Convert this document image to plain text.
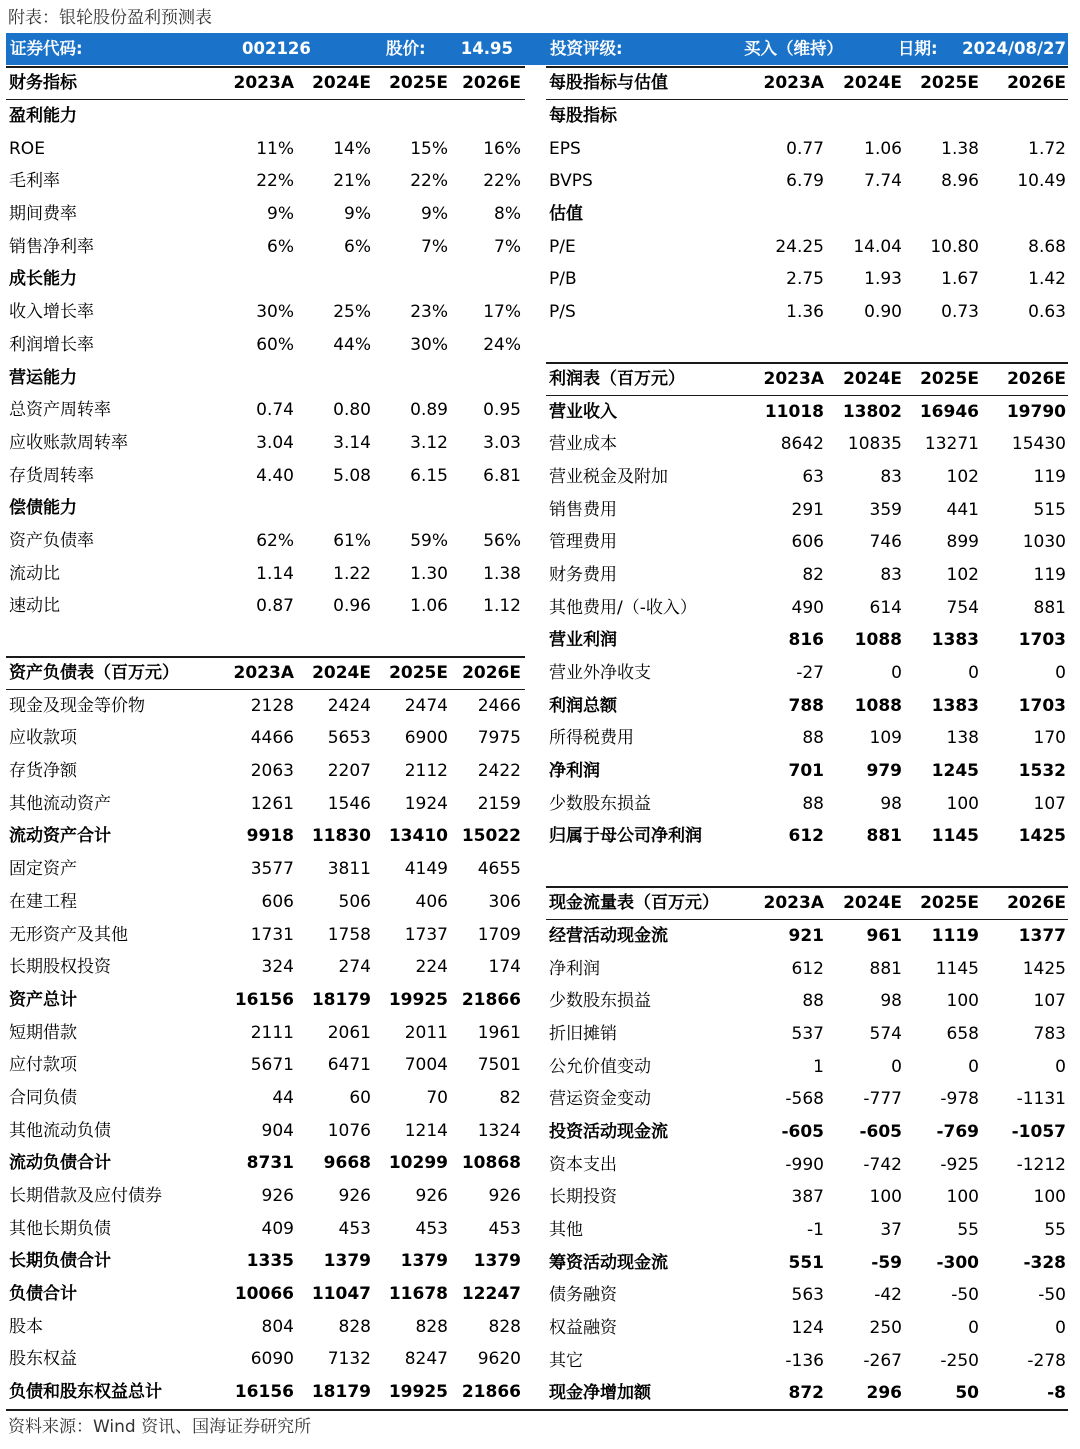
附表：银轮股份盈利预测表
证券代码:	002126	股价: 14.95 投资评级:	买入（维持）	日期: 2024/08/27
财务指标	2023A 2024E 2025E 2026E
盈利能力
ROE	11% 14% 15% 16%
毛利率	22% 21% 22% 22%
期间费率	9%	9%	9%	8%
销售净利率	6%	6%	7%	7%
成长能力
收入增长率	30% 25% 23% 17%
利润增长率	60% 44% 30% 24%
营运能力
总资产周转率	0.74 0.80 0.89 0.95
应收账款周转率	3.04 3.14 3.12 3.03
存货周转率	4.40 5.08 6.15 6.81
偿债能力
资产负债率	62% 61% 59% 56%
流动比	1.14 1.22 1.30 1.38
速动比	0.87 0.96 1.06 1.12
资产负债表（百万元）	2023A 2024E 2025E 2026E
现金及现金等价物	2128 2424 2474 2466
应收款项	4466 5653 6900 7975
存货净额	2063 2207 2112 2422
其他流动资产	1261 1546 1924 2159
流动资产合计	9918 11830 13410 15022
固定资产	3577 3811 4149 4655
在建工程	606	506	406 306
无形资产及其他	1731 1758 1737 1709
长期股权投资	324	274	224 174
资产总计	16156 18179 19925 21866
短期借款	2111 2061 2011 1961
应付款项	5671 6471 7004 7501
合同负债	44	60	70	82
其他流动负债	904 1076 1214 1324
流动负债合计	8731 9668 10299 10868
长期借款及应付债券	926	926	926 926
其他长期负债	409	453	453 453
长期负债合计	1335 1379 1379 1379
负债合计	10066 11047 11678 12247
股本	804	828	828 828
股东权益	6090 7132 8247 9620
负债和股东权益总计	16156 18179 19925 21866
每股指标与估值	2023A 2024E 2025E 2026E
每股指标
EPS	0.77 1.06 1.38	1.72
BVPS	6.79 7.74 8.96 10.49
估值
P/E	24.25 14.04 10.80	8.68
P/B	2.75 1.93 1.67	1.42
P/S	1.36 0.90 0.73	0.63
利润表（百万元）	2023A 2024E 2025E 2026E
营业收入	11018 13802 16946 19790
营业成本	8642 10835 13271 15430
营业税金及附加	63	83	102	119
销售费用	291	359	441	515
管理费用	606	746	899	1030
财务费用	82	83	102	119
其他费用/（-收入）	490	614	754	881
营业利润	816 1088 1383 1703
营业外净收支	-27	0	0	0
利润总额	788 1088 1383 1703
所得税费用	88	109	138	170
净利润	701	979 1245 1532
少数股东损益	88	98	100	107
归属于母公司净利润	612	881 1145 1425
现金流量表（百万元）	2023A 2024E 2025E 2026E
经营活动现金流	921	961 1119 1377
净利润	612	881 1145	1425
少数股东损益	88	98	100	107
折旧摊销	537	574	658	783
公允价值变动	1	0	0	0
营运资金变动	-568 -777 -978 -1131
投资活动现金流	-605 -605 -769 -1057
资本支出	-990 -742 -925 -1212
长期投资	387	100	100	100
其他	-1	37	55	55
筹资活动现金流	551	-59 -300	-328
债务融资	563	-42	-50	-50
权益融资	124	250	0	0
其它	-136 -267 -250	-278
现金净增加额	872	296	50	-8
资料来源：Wind 资讯、国海证券研究所
